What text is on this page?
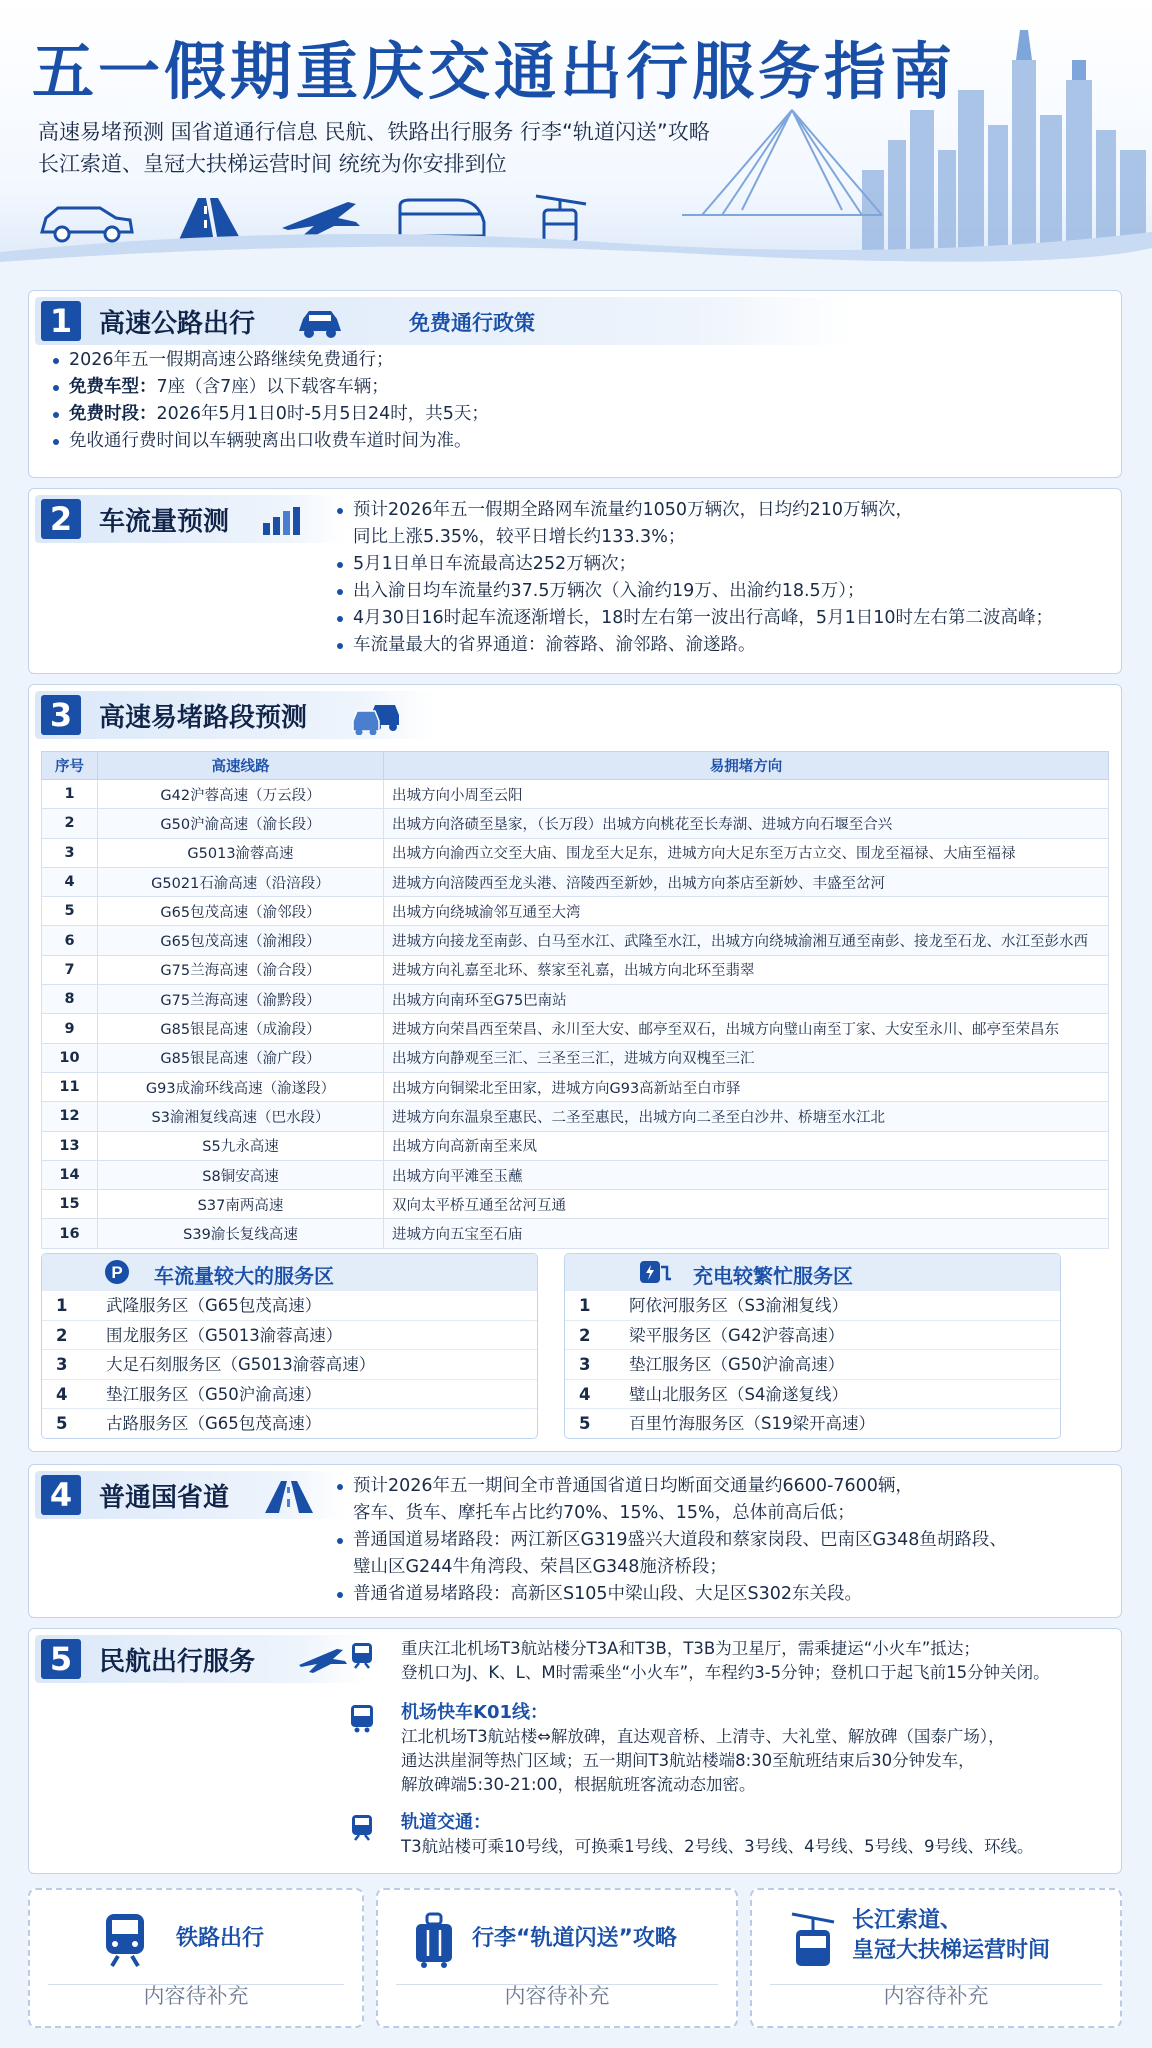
五一假期重庆交通出行服务指南
高速易堵预测 国省道通行信息 民航、铁路出行服务 行李“轨道闪送”攻略
长江索道、皇冠大扶梯运营时间 统统为你安排到位
1	高速公路出行	免费通行政策
2026年五一假期高速公路继续免费通行；
免费车型：7座（含7座）以下载客车辆；
免费时段：2026年5月1日0时-5月5日24时，共5天；
免收通行费时间以车辆驶离出口收费车道时间为准。
2	车流量预测	预计2026年五一假期全路网车流量约1050万辆次，日均约210万辆次，
同比上涨5.35%，较平日增长约133.3%；
5月1日单日车流最高达252万辆次；
出入渝日均车流量约37.5万辆次（入渝约19万、出渝约18.5万）；
4月30日16时起车流逐渐增长，18时左右第一波出行高峰，5月1日10时左右第二波高峰；
车流量最大的省界通道：渝蓉路、渝邻路、渝遂路。
3	高速易堵路段预测
序号	高速线路	易拥堵方向
1	G42沪蓉高速（万云段）	出城方向小周至云阳
2	G50沪渝高速（渝长段）	出城方向洛碛至垦家，（长万段）出城方向桃花至长寿湖、进城方向石堰至合兴
3	G5013渝蓉高速	出城方向渝西立交至大庙、围龙至大足东，进城方向大足东至万古立交、围龙至福禄、大庙至福禄
4	G5021石渝高速（沿涪段）	进城方向涪陵西至龙头港、涪陵西至新妙，出城方向茶店至新妙、丰盛至岔河
5	G65包茂高速（渝邻段）	出城方向绕城渝邻互通至大湾
6	G65包茂高速（渝湘段）	进城方向接龙至南彭、白马至水江、武隆至水江，出城方向绕城渝湘互通至南彭、接龙至石龙、水江至彭水西
7	G75兰海高速（渝合段）	进城方向礼嘉至北环、蔡家至礼嘉，出城方向北环至翡翠
8	G75兰海高速（渝黔段）	出城方向南环至G75巴南站
9	G85银昆高速（成渝段）	进城方向荣昌西至荣昌、永川至大安、邮亭至双石，出城方向璧山南至丁家、大安至永川、邮亭至荣昌东
10	G85银昆高速（渝广段）	出城方向静观至三汇、三圣至三汇，进城方向双槐至三汇
11	G93成渝环线高速（渝遂段）	出城方向铜梁北至田家，进城方向G93高新站至白市驿
12	S3渝湘复线高速（巴水段）	进城方向东温泉至惠民、二圣至惠民，出城方向二圣至白沙井、桥塘至水江北
13	S5九永高速	出城方向高新南至来凤
14	S8铜安高速	出城方向平滩至玉蘸
15	S37南两高速	双向太平桥互通至岔河互通
16	S39渝长复线高速	进城方向五宝至石庙
P 车流量较大的服务区
1 武隆服务区（G65包茂高速）
2 围龙服务区（G5013渝蓉高速）
3 大足石刻服务区（G5013渝蓉高速）
4 垫江服务区（G50沪渝高速）
5 古路服务区（G65包茂高速）
充电较繁忙服务区
1 阿依河服务区（S3渝湘复线）
2 梁平服务区（G42沪蓉高速）
3 垫江服务区（G50沪渝高速）
4 璧山北服务区（S4渝遂复线）
5 百里竹海服务区（S19梁开高速）
4	普通国省道	预计2026年五一期间全市普通国省道日均断面交通量约6600-7600辆，
客车、货车、摩托车占比约70%、15%、15%，总体前高后低；
普通国道易堵路段：两江新区G319盛兴大道段和蔡家岗段、巴南区G348鱼胡路段、
璧山区G244牛角湾段、荣昌区G348施济桥段；
普通省道易堵路段：高新区S105中梁山段、大足区S302东关段。
5	民航出行服务	重庆江北机场T3航站楼分T3A和T3B，T3B为卫星厅，需乘捷运“小火车”抵达；
登机口为J、K、L、M时需乘坐“小火车”，车程约3-5分钟；登机口于起飞前15分钟关闭。
机场快车K01线：
江北机场T3航站楼⇔解放碑，直达观音桥、上清寺、大礼堂、解放碑（国泰广场），
通达洪崖洞等热门区域；五一期间T3航站楼端8:30至航班结束后30分钟发车，
解放碑端5:30-21:00，根据航班客流动态加密。
轨道交通：
T3航站楼可乘10号线，可换乘1号线、2号线、3号线、4号线、5号线、9号线、环线。
铁路出行
内容待补充
行李“轨道闪送”攻略
内容待补充
长江索道、
皇冠大扶梯运营时间
内容待补充
